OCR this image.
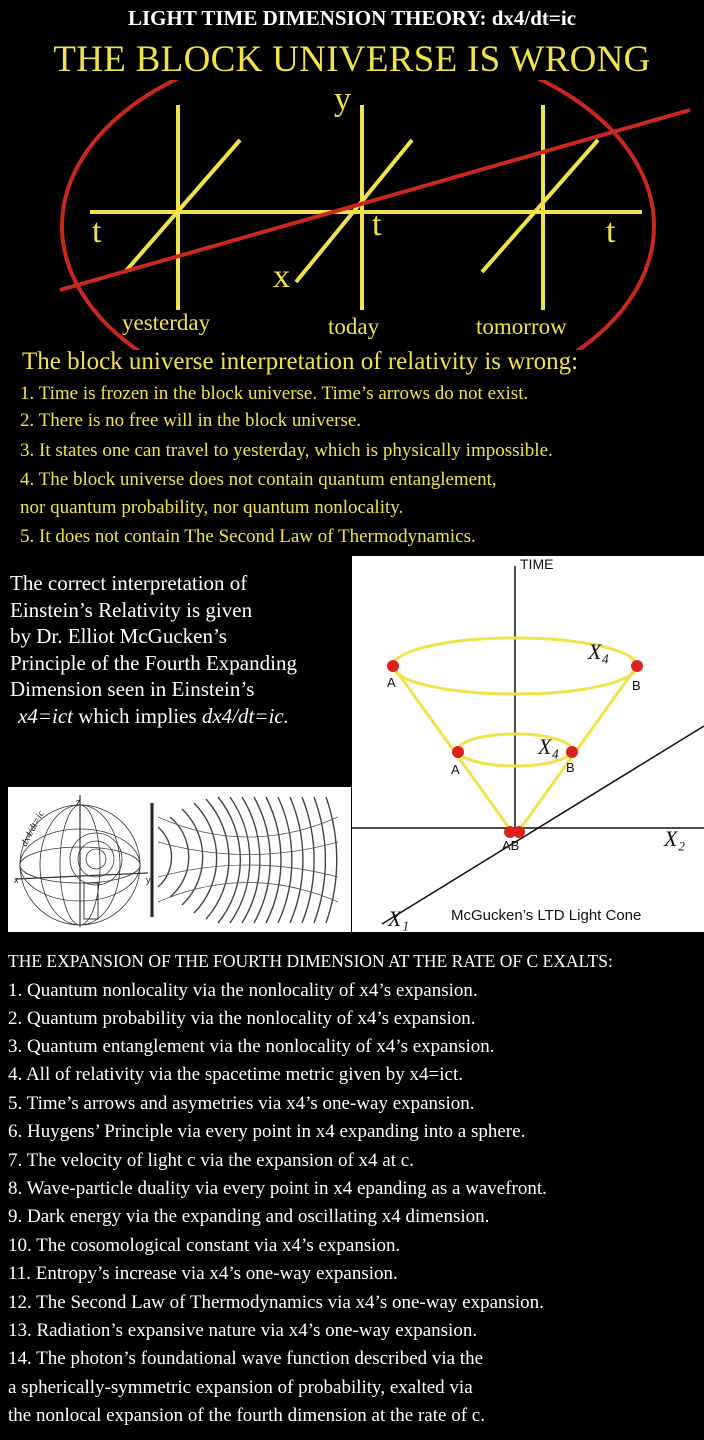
LIGHT TIME DIMENSION THEORY: dx4/dt=ic
THE BLOCK UNIVERSE IS WRONG
y
t	t	t
x
yesterday	today	tomorrow
The block universe interpretation of relativity is wrong:
1. Time is frozen in the block universe. Time’s arrows do not exist.
2. There is no free will in the block universe.
3. It states one can travel to yesterday, which is physically impossible.
4. The block universe does not contain quantum entanglement,
nor quantum probability, nor quantum nonlocality.
5. It does not contain The Second Law of Thermodynamics.
The correct interpretation of
Einstein’s Relativity is given
by Dr. Elliot McGucken’s
Principle of the Fourth Expanding
Dimension seen in Einstein’s
x4=ict which implies dx4/dt=ic.
TIME
X₄
X₄
A	B
A	B
AB	X₂
X₁	McGucken’s LTD Light Cone
dx4/dt=ic
z
x	y
THE EXPANSION OF THE FOURTH DIMENSION AT THE RATE OF C EXALTS:
1. Quantum nonlocality via the nonlocality of x4’s expansion.
2. Quantum probability via the nonlocality of x4’s expansion.
3. Quantum entanglement via the nonlocality of x4’s expansion.
4. All of relativity via the spacetime metric given by x4=ict.
5. Time’s arrows and asymetries via x4’s one-way expansion.
6. Huygens’ Principle via every point in x4 expanding into a sphere.
7. The velocity of light c via the expansion of x4 at c.
8. Wave-particle duality via every point in x4 epanding as a wavefront.
9. Dark energy via the expanding and oscillating x4 dimension.
10. The cosomological constant via x4’s expansion.
11. Entropy’s increase via x4’s one-way expansion.
12. The Second Law of Thermodynamics via x4’s one-way expansion.
13. Radiation’s expansive nature via x4’s one-way expansion.
14. The photon’s foundational wave function described via the
a spherically-symmetric expansion of probability, exalted via
the nonlocal expansion of the fourth dimension at the rate of c.
